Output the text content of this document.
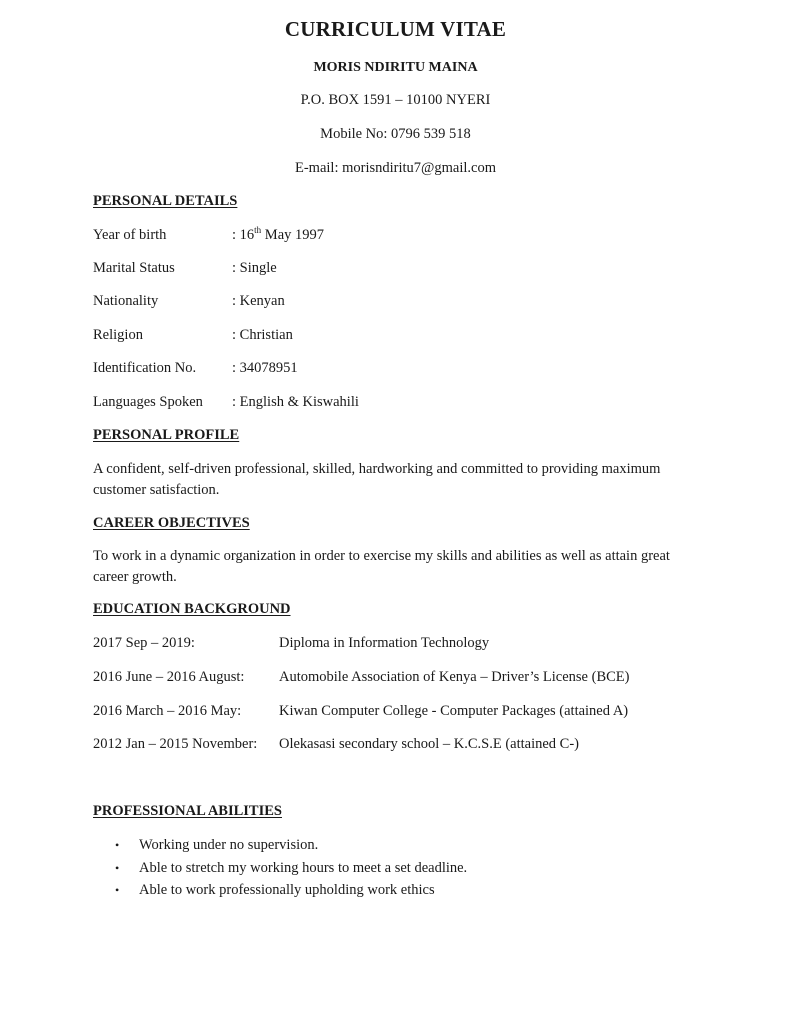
CURRICULUM VITAE
MORIS NDIRITU MAINA
P.O. BOX 1591 – 10100 NYERI
Mobile No: 0796 539 518
E-mail: morisndiritu7@gmail.com
PERSONAL DETAILS
Year of birth	: 16th May 1997
Marital Status	: Single
Nationality	: Kenyan
Religion	: Christian
Identification No. : 34078951
Languages Spoken : English & Kiswahili
PERSONAL PROFILE
A confident, self-driven professional, skilled, hardworking and committed to providing maximum customer satisfaction.
CAREER OBJECTIVES
To work in a dynamic organization in order to exercise my skills and abilities as well as attain great career growth.
EDUCATION BACKGROUND
2017 Sep – 2019:	Diploma in Information Technology
2016 June – 2016 August: Automobile Association of Kenya – Driver’s License (BCE)
2016 March – 2016 May:	Kiwan Computer College - Computer Packages (attained A)
2012 Jan – 2015 November: Olekasasi secondary school – K.C.S.E (attained C-)
PROFESSIONAL ABILITIES
• Working under no supervision.
• Able to stretch my working hours to meet a set deadline.
• Able to work professionally upholding work ethics
